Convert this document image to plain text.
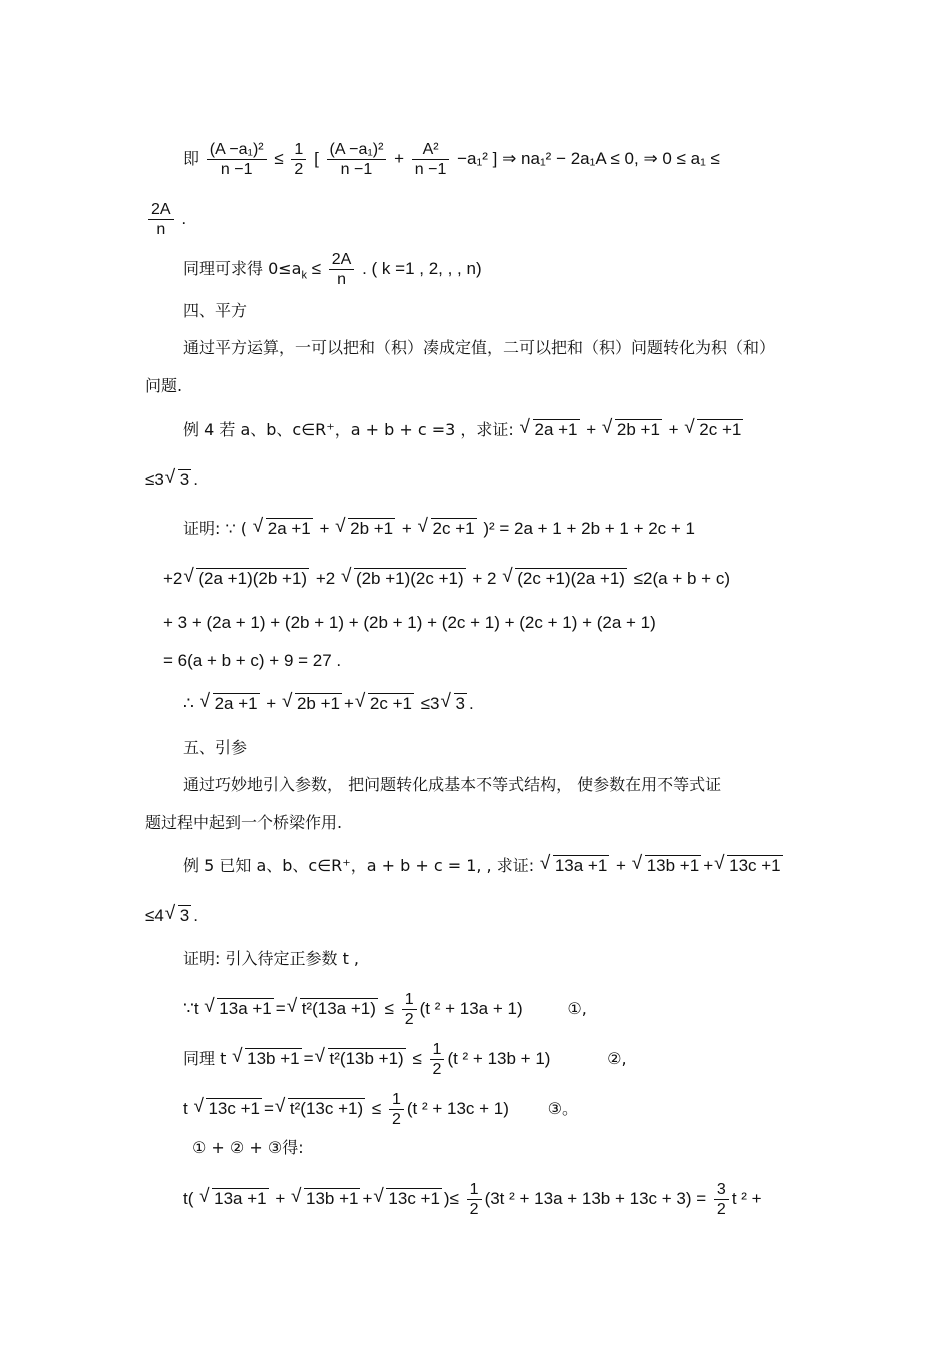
即 $\frac{\text{(A −a₁)²}}{n -1} \le \frac{1}{2}$ [ $\frac{\text{(A −a₁)²}}{n -1} + \frac{\text{A²}}{n -1} -a_1^2$ ] ⇒ na₁² − 2a₁A ≤ 0, ⇒ 0 ≤ a₁ ≤
$\frac{2A}{n}$ .
同理可求得 $0\le a_k \le \frac{2A}{n}$ . ( k =1 , 2, , , n)
四、平方
通过平方运算，一可以把和（积）凑成定值，二可以把和（积）问题转化为积（和）
问题.
例 4 若 a、b、c∈R⁺，a + b + c =3 ，求证: √ 2a +1 + √ 2b +1 + √ 2c +1
≤3 √ 3 .
证明: ∵ ( √ 2a +1 + √ 2b +1 + √ 2c +1 )² = 2a + 1 + 2b + 1 + 2c + 1
+2 √ (2a +1)(2b +1) +2 √ (2b +1)(2c +1) + 2 √ (2c +1)(2a +1) ≤2(a + b + c)
+ 3 + (2a + 1) + (2b + 1) + (2b + 1) + (2c + 1) + (2c + 1) + (2a + 1)
= 6(a + b + c) + 9 = 27 .
∴ √ 2a +1 + √ 2b +1 + √ 2c +1 ≤3 √ 3 .
五、引参
通过巧妙地引入参数， 把问题转化成基本不等式结构， 使参数在用不等式证
题过程中起到一个桥梁作用.
例 5 已知 a、b、c∈R⁺，a + b + c = 1, , 求证: √ 13a +1 + √ 13b +1 + √ 13c +1
≤4 √ 3 .
证明: 引入待定正参数 t ,
∵t √ 13a +1 = √ $t^2(13a +1) \le \frac{1}{2} (t$ ² + 13a + 1)	①,
同理 t √ 13b +1 = √ $t^2(13b +1) \le \frac{1}{2} (t$ ² + 13b + 1)	②,
t √ 13c +1 = √ $t^2(13c +1) \le \frac{1}{2} (t$ ² + 13c + 1) ③。
① + ② + ③得:
t( √ 13a +1 + √ 13b +1 + √ 13c +1 )≤ $\frac{1}{2} (3t$ $^2 + 13a + 13b + 13c + 3) = \frac{3}{2}$ t ² +
